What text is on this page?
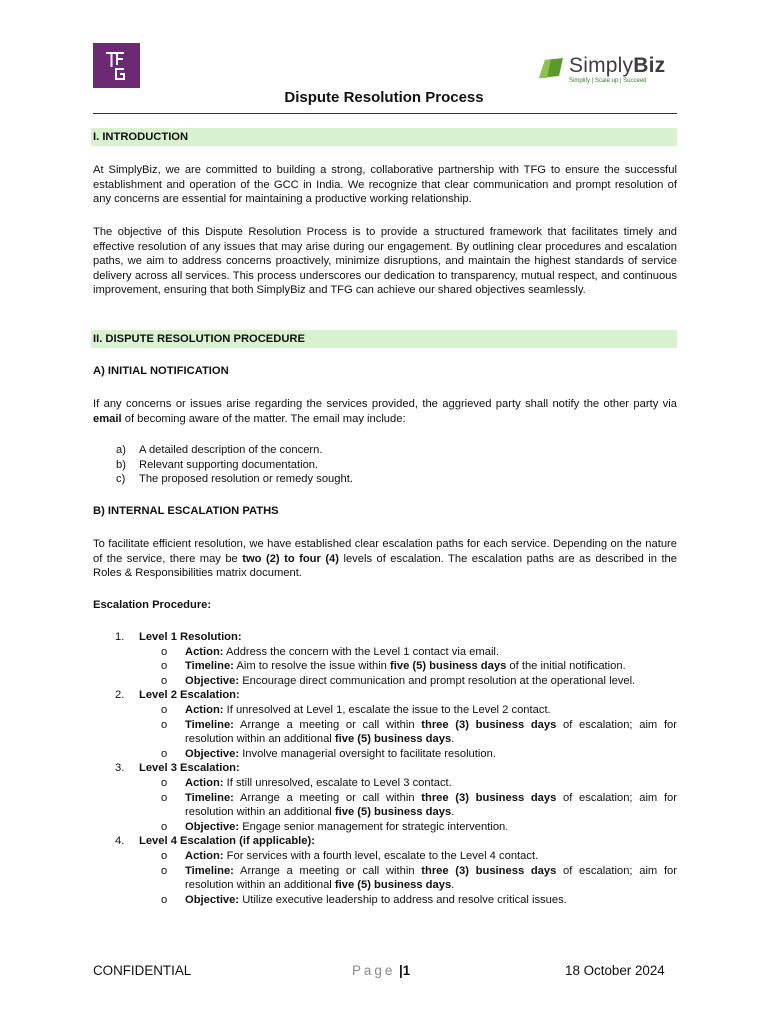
SimplyBiz
Simplify | Scale up | Succeed
Dispute Resolution Process
I. INTRODUCTION
At SimplyBiz, we are committed to building a strong, collaborative partnership with TFG to ensure the successful establishment and operation of the GCC in India. We recognize that clear communication and prompt resolution of any concerns are essential for maintaining a productive working relationship.
The objective of this Dispute Resolution Process is to provide a structured framework that facilitates timely and effective resolution of any issues that may arise during our engagement. By outlining clear procedures and escalation paths, we aim to address concerns proactively, minimize disruptions, and maintain the highest standards of service delivery across all services. This process underscores our dedication to transparency, mutual respect, and continuous improvement, ensuring that both SimplyBiz and TFG can achieve our shared objectives seamlessly.
II. DISPUTE RESOLUTION PROCEDURE
A) INITIAL NOTIFICATION
If any concerns or issues arise regarding the services provided, the aggrieved party shall notify the other party via email of becoming aware of the matter. The email may include:
a) A detailed description of the concern.
b) Relevant supporting documentation.
c) The proposed resolution or remedy sought.
B) INTERNAL ESCALATION PATHS
To facilitate efficient resolution, we have established clear escalation paths for each service. Depending on the nature of the service, there may be two (2) to four (4) levels of escalation. The escalation paths are as described in the Roles & Responsibilities matrix document.
Escalation Procedure:
1. Level 1 Resolution:
o Action: Address the concern with the Level 1 contact via email.
o Timeline: Aim to resolve the issue within five (5) business days of the initial notification.
o Objective: Encourage direct communication and prompt resolution at the operational level.
2. Level 2 Escalation:
o Action: If unresolved at Level 1, escalate the issue to the Level 2 contact.
o Timeline: Arrange a meeting or call within three (3) business days of escalation; aim for resolution within an additional five (5) business days.
o Objective: Involve managerial oversight to facilitate resolution.
3. Level 3 Escalation:
o Action: If still unresolved, escalate to Level 3 contact.
o Timeline: Arrange a meeting or call within three (3) business days of escalation; aim for resolution within an additional five (5) business days.
o Objective: Engage senior management for strategic intervention.
4. Level 4 Escalation (if applicable):
o Action: For services with a fourth level, escalate to the Level 4 contact.
o Timeline: Arrange a meeting or call within three (3) business days of escalation; aim for resolution within an additional five (5) business days.
o Objective: Utilize executive leadership to address and resolve critical issues.
CONFIDENTIAL	Page |1	18 October 2024
